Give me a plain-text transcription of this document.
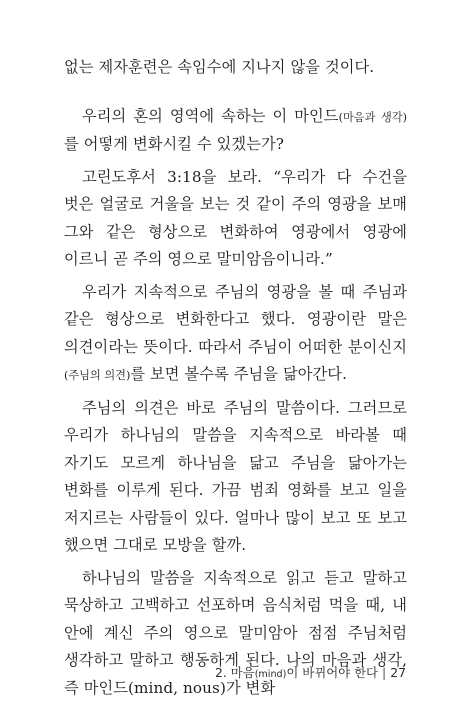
없는 제자훈련은 속임수에 지나지 않을 것이다.

우리의 혼의 영역에 속하는 이 마인드(마음과 생각)를 어떻게 변화시킬 수 있겠는가?

고린도후서 3:18을 보라. “우리가 다 수건을 벗은 얼굴로 거울을 보는 것 같이 주의 영광을 보매 그와 같은 형상으로 변화하여 영광에서 영광에 이르니 곧 주의 영으로 말미암음이니라.”

우리가 지속적으로 주님의 영광을 볼 때 주님과 같은 형상으로 변화한다고 했다. 영광이란 말은 의견이라는 뜻이다. 따라서 주님이 어떠한 분이신지(주님의 의견)를 보면 볼수록 주님을 닮아간다.

주님의 의견은 바로 주님의 말씀이다. 그러므로 우리가 하나님의 말씀을 지속적으로 바라볼 때 자기도 모르게 하나님을 닮고 주님을 닮아가는 변화를 이루게 된다. 가끔 범죄 영화를 보고 일을 저지르는 사람들이 있다. 얼마나 많이 보고 또 보고 했으면 그대로 모방을 할까.

하나님의 말씀을 지속적으로 읽고 듣고 말하고 묵상하고 고백하고 선포하며 음식처럼 먹을 때, 내 안에 계신 주의 영으로 말미암아 점점 주님처럼 생각하고 말하고 행동하게 된다. 나의 마음과 생각, 즉 마인드(mind, nous)가 변화

2. 마음(mind)이 바뀌어야 한다 | 27
